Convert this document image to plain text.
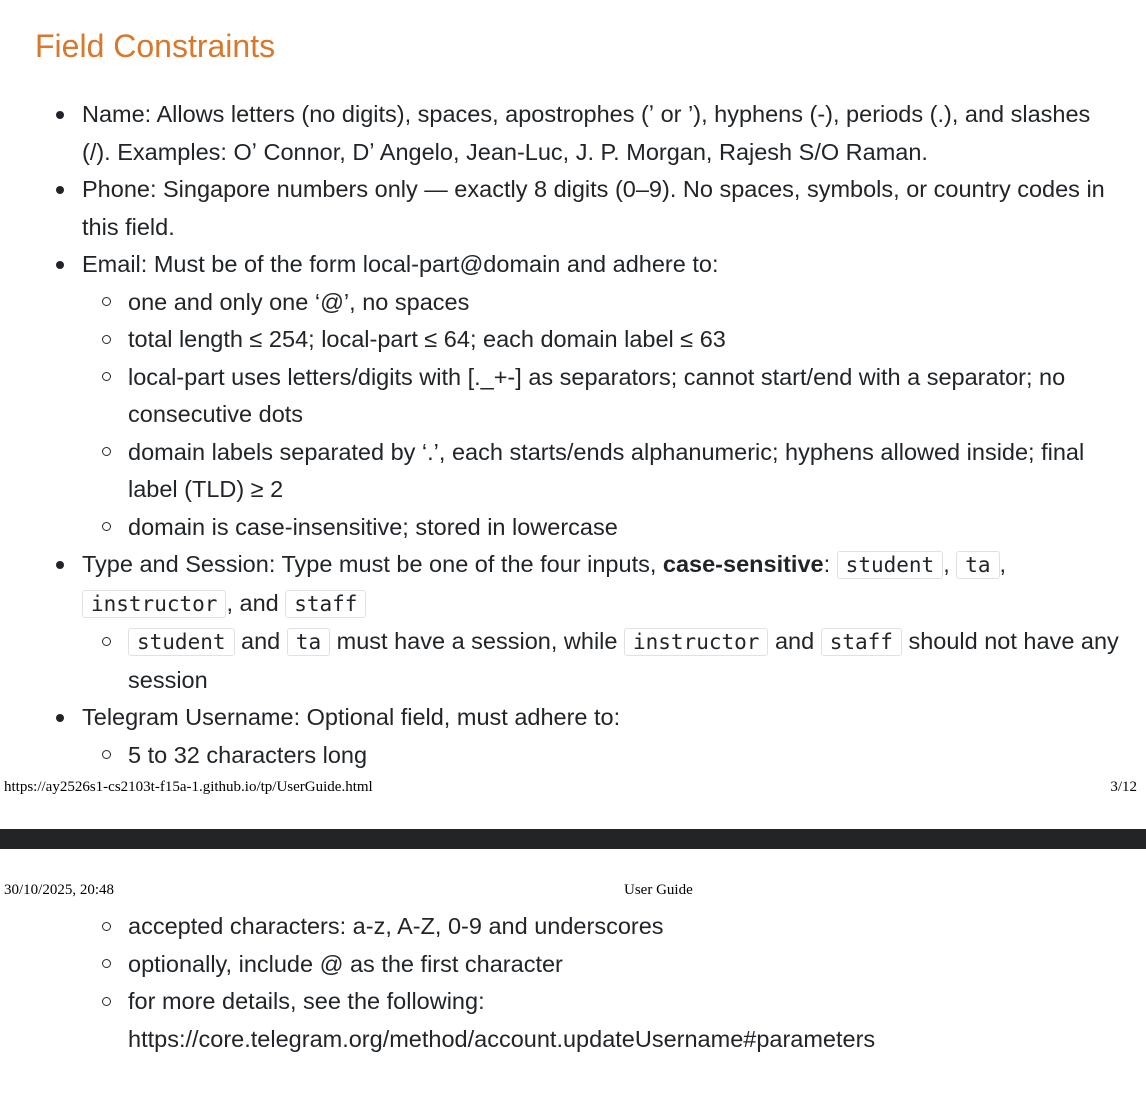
Field Constraints
Name: Allows letters (no digits), spaces, apostrophes (ʼ or ’), hyphens (-), periods (.), and slashes (/). Examples: Oʼ Connor, Dʼ Angelo, Jean-Luc, J. P. Morgan, Rajesh S/O Raman.
Phone: Singapore numbers only — exactly 8 digits (0–9). No spaces, symbols, or country codes in this field.
Email: Must be of the form local-part@domain and adhere to:
one and only one ‘@’, no spaces
total length ≤ 254; local-part ≤ 64; each domain label ≤ 63
local-part uses letters/digits with [._+-] as separators; cannot start/end with a separator; no consecutive dots
domain labels separated by ‘.’, each starts/ends alphanumeric; hyphens allowed inside; final label (TLD) ≥ 2
domain is case-insensitive; stored in lowercase
Type and Session: Type must be one of the four inputs, case-sensitive: student , ta , instructor , and staff
student and ta must have a session, while instructor and staff should not have any session
Telegram Username: Optional field, must adhere to:
5 to 32 characters long
https://ay2526s1-cs2103t-f15a-1.github.io/tp/UserGuide.html	3/12
30/10/2025, 20:48	User Guide
accepted characters: a-z, A-Z, 0-9 and underscores
optionally, include @ as the first character
for more details, see the following: https://core.telegram.org/method/account.updateUsername#parameters
